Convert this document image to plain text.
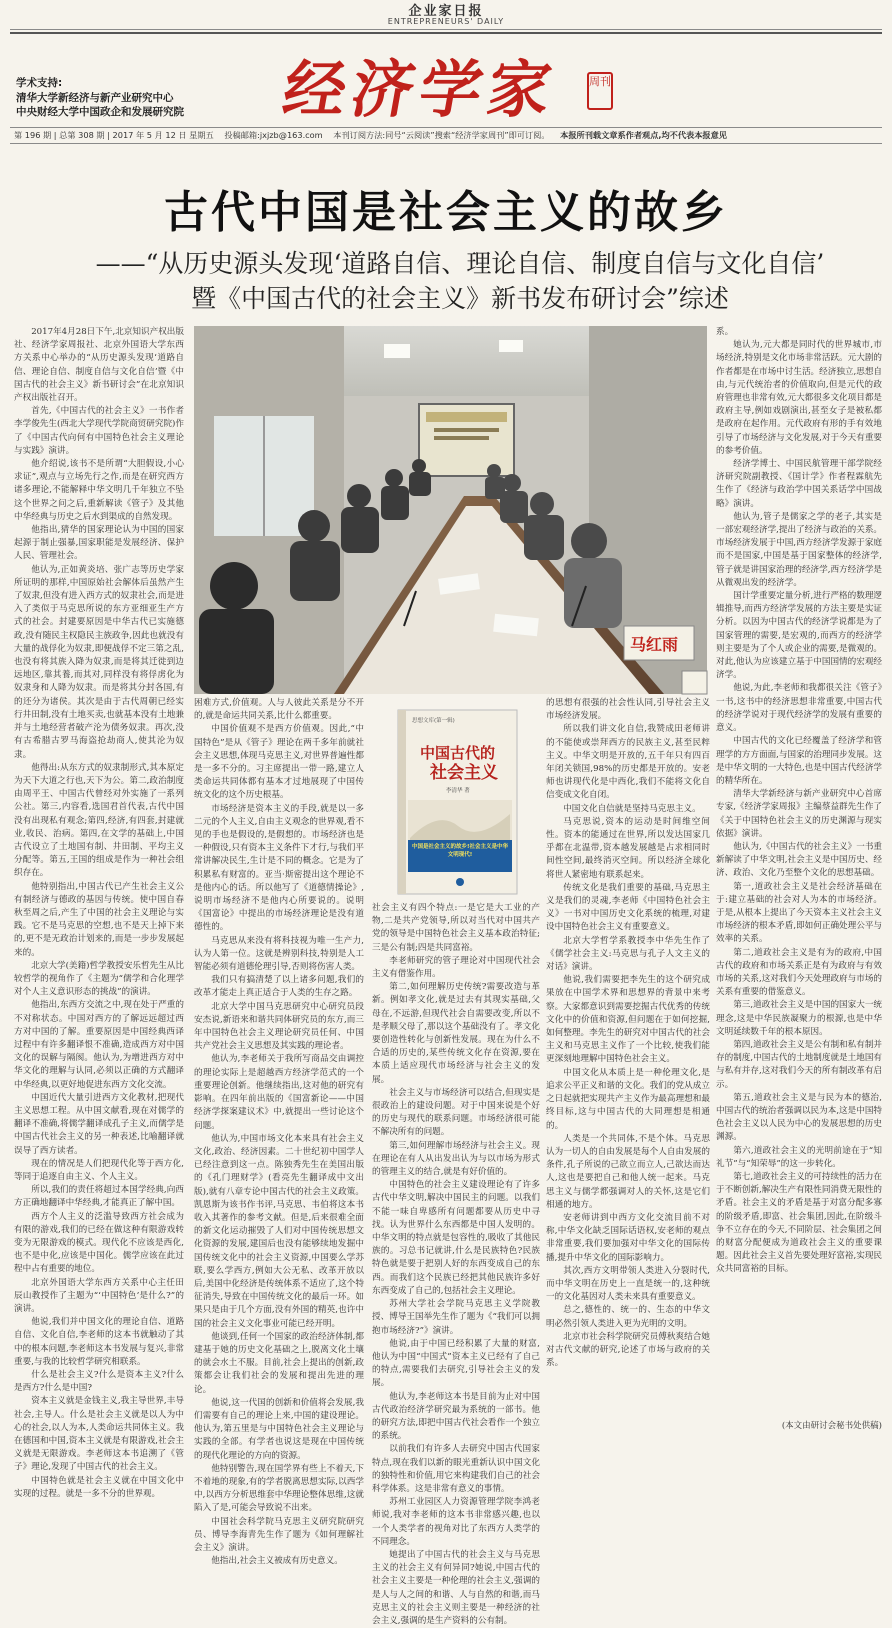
企业家日报
ENTREPRENEURS' DAILY
学术支持:
清华大学新经济与新产业研究中心
中央财经大学中国政企和发展研究院 经济学家 周刊
第 196 期 | 总第 308 期 | 2017 年 5 月 12 日 星期五 投稿邮箱:jxjzb@163.com 本刊订阅方法:同号“云阅读”搜索“经济学家周刊”即可订阅。 本报所刊载文章系作者观点,均不代表本报意见
古代中国是社会主义的故乡
——“从历史源头发现‘道路自信、理论自信、制度自信与文化自信’
暨《中国古代的社会主义》新书发布研讨会”综述
马红雨
思想文库(第一辑)
中国古代的
社会主义
李清华 著
中国是社会主义的故乡!社会主义是中华文明现代!

2017年4月28日下午,北京知识产权出版社、经济学家周报社、北京外国语大学东西方关系中心举办的“从历史源头发现‘道路自信、理论自信、制度自信与文化自信’暨《中国古代的社会主义》新书研讨会”在北京知识产权出版社召开。

首先,《中国古代的社会主义》一书作者李学俊先生(西北大学现代学院商贸研究院)作了《中国古代向何有中国特色社会主义理论与实践》演讲。

他介绍说,该书不是所谓“大胆假设,小心求证”,观点与立场先行之作,而是在研究西方诸多理论,不能解释中华文明几千年独立不坠这个世界之问之后,重新解读《管子》及其他中华经典与历史之后水到渠成的自然发现。

他指出,猜华的国家理论认为中国的国家起源于制止强暴,国家职能是发展经济、保护人民、管理社会。

他认为,正如黄炎培、张广志等历史学家所证明的那样,中国原始社会解体后虽然产生了奴隶,但没有进入西方式的奴隶社会,而是进入了类似于马克思所说的东方亚细亚生产方式的社会。封建要原因是中华古代已实施德政,没有随民主权隐民主族政争,因此也就没有大量的战俘化为奴隶,即便战俘不定三第之乱,也没有将其族入降为奴隶,而是将其迁徙到边远地区,靠其養,而其对,同样没有将俘虏化为奴隶身和人降为奴隶。而是将其分封各国,有的还分为诸侯。其次是由于古代周朝已经实行井田制,没有土地买卖,也就基本没有土地兼并与土地经营者破产沦为债务奴隶。再次,没有古希腊古罗马海盗抢劫商人,使其沦为奴隶。

他得出:从东方式的奴隶制形式,其本原定为天下大道之行也,天下为公。第二,政治制度由周平王、中国古代曾经对外实施了一系列公社。第三,内容看,选国君首代表,古代中国没有出现私有观念;第四,经济,有四套,封建就业,收民、治病。第四,在文学的基础上,中国古代设立了土地国有制、井田制、平均主义分配等。第五,王国的组成是作为一种社会组织存在。

他特别指出,中国古代已产生社会主义公有制经济与德政的基因与传统。使中国自春秋至周之后,产生了中国的社会主义理论与实践。它不是马克思的空想,也不是天上掉下来的,更不是无政治计划来的,而是一步步发展起来的。

北京大学(美籍)哲学教授安乐哲先生从比较哲学的视角作了《主题为“儒学和合化理学对个人主义意识形态的挑战”的演讲。

他指出,东西方交流之中,现在处于严重的不对称状态。中国对西方的了解远远超过西方对中国的了解。重要原因是中国经典西译过程中有许多翻译恨不准确,造成西方对中国文化的误解与隔阂。他认为,为增进西方对中华文化的理解与认同,必须以正确的方式翻译中华经典,以更好地促进东西方文化交流。

中国近代大量引进西方文化教材,把现代主义思想工程。从中国文献看,现在对儒学的翻译不准确,将儒学翻译成孔子主义,而儒学是中国古代社会主义的另一种表述,比喻翻译就误导了西方读者。

现在的情况是人们把现代化等于西方化,等同于追逐自由主义、个人主义。

所以,我们的责任将超过本国学经典,向西方正确地翻译中华经典,才能真正了解中国。

西方个人主义的泛滥导致西方社会成为有限的游戏,我们的已经在做这种有限游戏转变为无限游戏的模式。现代化不应该是西化,也不是中化,应该是中国化。儒学应该在此过程中占有重要的地位。

北京外国语大学东西方关系中心主任田辰山教授作了主题为“‘中国特色’是什么?”的演讲。

他说,我们并中国文化的理论自信、道路自信、文化自信,李老师的这本书就触动了其中的根本问题,李老师这本书发展与复兴,非常重要,与我的比较哲学研究相联系。

什么是社会主义?什么是资本主义?什么是西方?什么是中国?

资本主义就是金钱主义,我主导世界,丰导社会,主导人。什么是社会主义就是以人为中心的社会,以人为本,人类命运共同体主义。我在德国和中国,资本主义就是有限游戏,社会主义就是无限游戏。李老师这本书追溯了《管子》理论,发现了中国古代的社会主义。

中国特色就是社会主义就在中国文化中实现的过程。就是一多不分的世界观。

困难方式,价值观。人与人彼此关系是分不开的,就是命运共同关系,比什么都重要。

中国价值观不是西方价值观。因此,“中国特色”是从《管子》理论在两千多年前就社会主义思想,体现马克思主义,对世界普遍性都是一多不分的。习主席提出一带一路,建立人类命运共同体都有基本才过地展现了中国传统文化的这个历史根基。

市场经济是资本主义的手段,就是以一多二元的个人主义,自由主义观念的世界观,看不见的手也是假设的,是假想的。市场经济也是一种假设,只有资本主义条件下才行,与我们平常讲解决民生,生计是不同的概念。它是为了积累私有财富的。亚当·斯密提出这个理论不是他内心的话。所以他写了《道德情操论》,说明市场经济不是他内心所要说的。说明《国富论》中提出的市场经济理论是没有道德性的。

马克思从来没有将科技视为唯一生产力,认为人第一位。这就是辨别科技,特别是人工智能必须有道德伦理引导,否则将伤害人类。

我们只有搞清楚了以上诸多问题,我们的改革才能走上真正适合于人类的生存之路。

北京大学中国马克思研究中心研究员段安杰说,新语来和谐共同体研究员的东方,而三年中国特色社会主义理论研究员任何、中国共产党社会主义思想及其实践的理论者。

他认为,李老师关于我所写商品交由调控的理论实际上是超越西方经济学范式的一个重要理论创新。他继续指出,这对他的研究有影响。在四年前出版的《国富新论——中国经济学探案建议术》中,就提出一些讨论这个问题。

他认为,中国市场文化本来具有社会主义文化,政治、经济因素。二十世纪初中国学人已经注意到这一点。陈独秀先生在美国出版的《孔门理财学》(看亮先生翻译成中文出版),就有八章专论中国古代的社会主义政策。凯恩斯为该书作书评,马克思、韦伯将这本书收入其著作的参考文献。但是,后来很难全面的新文化运动摧毁了人们对中国传统思想文化资源的发展,建国后也没有能够续地发掘中国传统文化中的社会主义资源,中国要么学苏联,要么学西方,例如大公无私、改革开放以后,美国中化经济是传统体系不适应了,这个特征消失,导致在中国传统文化的最后一环。如果只是由于几个方面,没有外国的精英,也许中国的社会主义文化事业可能已经开明。

他谈到,任何一个国家的政治经济体制,都建基于她的历史文化基础之上,脱离文化土壤的就会水土不服。目前,社会上提出的创新,政策都会让我们社会的发展和提出先进的理论。

他说,这一代国的创新和价值将会发展,我们需要有自己的理论上来,中国的建设理论。他认为,第五里是与中国特色社会主义理论与实践的全部。有学者也说这是现在中国传统的现代化理论的方向的资源。

他特别警告,现在国学界有些上不着天,下不着地的现象,有的学者脱离思想实际,以西学中,以西方分析思维套中华理论整体思维,这就陷入了是,可能会导致说不出来。

中国社会科学院马克思主义研究院研究员、博导李海青先生作了题为《如何理解社会主义》演讲。

他指出,社会主义被成有历史意义。

社会主义有四个特点:一是它是大工业的产物,二是共产党领导,所以对当代对中国共产党的领导是中国特色社会主义基本政治特征;三是公有制;四是共同富裕。

李老师研究的管子理论对中国现代社会主义有借鉴作用。

第二,如何理解历史传统?需要改造与革新。例如孝文化,就是过去有其现实基础,父母在,不远游,但现代社会自需要改变,所以不是孝顺父母了,那以这个基础没有了。孝文化要创造性转化与创新性发展。现在为什么不合适的历史的,某些传统文化存在资源,要在本质上适应现代市场经济与社会主义的发展。

社会主义与市场经济可以结合,但现实是很政治上的建设问题。对于中国来说是个好的历史与现代的联系问题。市场经济很可能不解决所有的问题。

第三,如何理解市场经济与社会主义。现在理论在有人从出发出认为与以市场为形式的管理主义的结合,就是有好价值的。

中国特色的社会主义建设理论有了许多古代中华文明,解决中国民主的问题。以我们不能一味自卑感所有问题都要从历史中寻找。认为世界什么东西都是中国人发明的。中华文明的特点就是包容性的,吸收了其他民族的。习总书记就讲,什么是民族特色?民族特色就是要于把别人好的东西变成自己的东西。而我们这个民族已经把其他民族许多好东西变成了自己的,包括社会主义理论。

苏州大学社会学院马克思主义学院教授、博导王国举先生作了题为《“我们可以拥抱市场经济?”》演讲。

他说,由于中国已经积累了大量的财富,他认为中国“中国式”资本主义已经有了自己的特点,需要我们去研究,引导社会主义的发展。

他认为,李老师这本书是目前为止对中国古代政治经济学研究最为系统的一部书。他的研究方法,即把中国古代社会看作一个独立的系统。

以前我们有许多人去研究中国古代国家特点,现在我们以新的眼光重新认识中国文化的独特性和价值,用它来构建我们自己的社会科学体系。这是非常有意义的事情。

苏州工业园区人力资源管理学院李鸿老师说,我对李老师的这本书非常感兴趣,也以一个人类学者的视角对比了东西方人类学的不同理念。

她提出了中国古代的社会主义与马克思主义的社会主义有何异同?她说,中国古代的社会主义主要是一种伦理的社会主义,强调的是人与人之间的和谐、人与自然的和谐,而马克思主义的社会主义则主要是一种经济的社会主义,强调的是生产资料的公有制。

的思想有很强的社会性认同,引导社会主义市场经济发展。

所以我们讲文化自信,我赞成田老师讲的不能使或崇拜西方的民族主义,甚至民粹主义。中华文明是开放的,五千年只有四百年闭关锁国,98%的历史都是开放的。安老师也讲现代化是中西化,我们不能将文化自信变成文化自闭。

中国文化自信就是坚持马克思主义。

马克思说,资本的运动是时间维空间性。资本的能通过在世界,所以发达国家几乎都在北温带,资本越发展越是占求相同时间性空间,最终消灭空间。所以经济全球化将世人紧密地有联系起来。

传统文化是我们重要的基础,马克思主义是我们的灵魂,李老师《中国特色社会主义》一书对中国历史文化系统的梳理,对建设中国特色社会主义有重要意义。

北京大学哲学系教授李中华先生作了《儒学社会主义:马克思与孔子人文主义的对话》演讲。

他说,我们需要把李先生的这个研究成果放在中国学术界和思想界的背景中来考察。大家都意识到需要挖掘古代优秀的传统文化中的价值和资源,但问题在于如何挖掘,如何整理。李先生的研究对中国古代的社会主义和马克思主义作了一个比较,使我们能更深刻地理解中国特色社会主义。

中国文化从本质上是一种伦理文化,是追求公平正义和谐的文化。我们的党从成立之日起就把实现共产主义作为最高理想和最终目标,这与中国古代的大同理想是相通的。

人类是一个共同体,不是个体。马克思认为一切人的自由发展是每个人自由发展的条件,孔子所说的己欲立而立人,己欲达而达人,这也是要把自己和他人统一起来。马克思主义与儒学都强调对人的关怀,这是它们相通的地方。

安老师讲到中西方文化交流目前不对称,中华文化缺乏国际话语权,安老师的观点非常重要,我们要加强对中华文化的国际传播,提升中华文化的国际影响力。

其次,西方文明带领人类进入分裂时代,而中华文明在历史上一直是统一的,这种统一的文化基因对人类未来具有重要意义。

总之,德性的、统一的、生态的中华文明必然引领人类进入更为光明的文明。

北京市社会科学院研究员傅秋爽结合她对古代文献的研究,论述了市场与政府的关系。

系。

她认为,元大都是同时代的世界城市,市场经济,特别是文化市场非常活跃。元大剧的作者都是在市场中讨生活。经济独立,思想自由,与元代统治者的价值取向,但是元代的政府管理也非常有效,元大都很多文化项目都是政府主导,例如戏剧演出,甚至女子是被私都是政府在起作用。元代政府有形的手有效地引导了市场经济与文化发展,对于今天有重要的参考价值。

经济学博士、中国民航管理干部学院经济研究院副教授、《国计学》作者程霖航先生作了《经济与政治学中国关系话学中国战略》演讲。

他认为,管子是儒家之学的老子,其实是一部宏观经济学,提出了经济与政治的关系。市场经济发展于中国,西方经济学发源于家庭而不是国家,中国是基于国家整体的经济学,管子就是讲国家治理的经济学,西方经济学是从微观出发的经济学。

国计学重要定量分析,进行严格的数理逻辑推导,而西方经济学发展的方法主要是实证分析。以因为中国古代的经济学说都是为了国家管理的需要,是宏观的,而西方的经济学则主要是为了个人或企业的需要,是微观的。对此,他认为应该建立基于中国国情的宏观经济学。

他说,为此,李老师和我都很关注《管子》一书,这书中的经济思想非常重要,中国古代的经济学说对于现代经济学的发展有重要的意义。

中国古代的文化已经覆盖了经济学和管理学的方方面面,与国家的治理同步发展。这是中华文明的一大特色,也是中国古代经济学的精华所在。

清华大学新经济与新产业研究中心首席专家,《经济学家周报》主编蔡益群先生作了《关于中国特色社会主义的历史渊源与现实依据》演讲。

他认为,《中国古代的社会主义》一书重新解读了中华文明,社会主义是中国历史、经济、政治、文化乃至整个文化的思想基础。

第一,道政社会主义是社会经济基础在于:建立基础的社会对人为本的市场经济。于是,从根本上提出了今天资本主义社会主义市场经济的根本矛盾,即如何正确处理公平与效率的关系。

第二,道政社会主义是有为的政府,中国古代的政府和市场关系正是有为政府与有效市场的关系,这对我们今天处理政府与市场的关系有重要的借鉴意义。

第三,道政社会主义是中国的国家大一统理念,这是中华民族凝聚力的根源,也是中华文明延续数千年的根本原因。

第四,道政社会主义是公有制和私有制并存的制度,中国古代的土地制度就是土地国有与私有并存,这对我们今天的所有制改革有启示。

第五,道政社会主义是与民为本的德治,中国古代的统治者强调以民为本,这是中国特色社会主义以人民为中心的发展思想的历史渊源。

第六,道政社会主义的光明前途在于“知礼节”与“知荣辱”的这一步转化。

第七,道政社会主义的可持续性的活力在于不断创新,解决生产有限性同消费无限性的矛盾。社会主义的矛盾是基于对富分配多寡的阶级矛盾,即富、社会集团,因此,在阶级斗争不立存在的今天,不同阶层、社会集团之间的财富分配便成为道政社会主义的重要课题。因此社会主义首先要处理好富裕,实现民众共同富裕的目标。

(本文由研讨会秘书处供稿)
